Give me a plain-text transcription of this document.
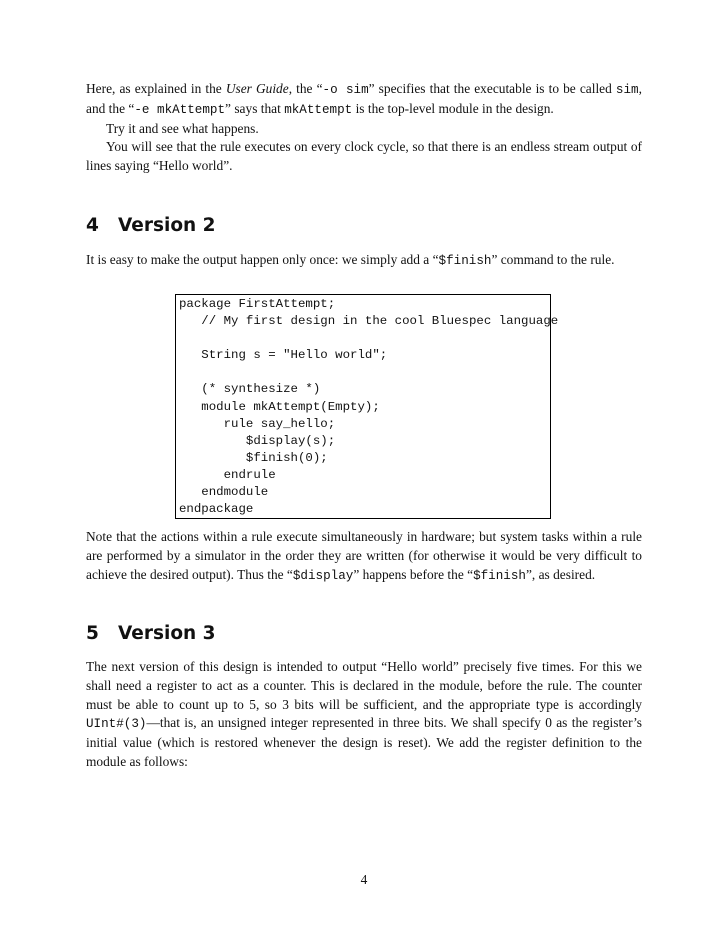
Here, as explained in the User Guide, the “-o sim” specifies that the executable is to be called sim, and the “-e mkAttempt” says that mkAttempt is the top-level module in the design.

Try it and see what happens.

You will see that the rule executes on every clock cycle, so that there is an endless stream output of lines saying “Hello world”.

4 Version 2

It is easy to make the output happen only once: we simply add a “$finish” command to the rule.

package FirstAttempt;
// My first design in the cool Bluespec language

String s = "Hello world";

(* synthesize *)
module mkAttempt(Empty);
rule say_hello;
$display(s);
$finish(0);
endrule
endmodule
endpackage

Note that the actions within a rule execute simultaneously in hardware; but system tasks within a rule are performed by a simulator in the order they are written (for otherwise it would be very difficult to achieve the desired output). Thus the “$display” happens before the “$finish”, as desired.

5 Version 3

The next version of this design is intended to output “Hello world” precisely five times. For this we shall need a register to act as a counter. This is declared in the module, before the rule. The counter must be able to count up to 5, so 3 bits will be sufficient, and the appropriate type is accordingly UInt#(3)—that is, an unsigned integer represented in three bits. We shall specify 0 as the register’s initial value (which is restored whenever the design is reset). We add the register definition to the module as follows:

4
